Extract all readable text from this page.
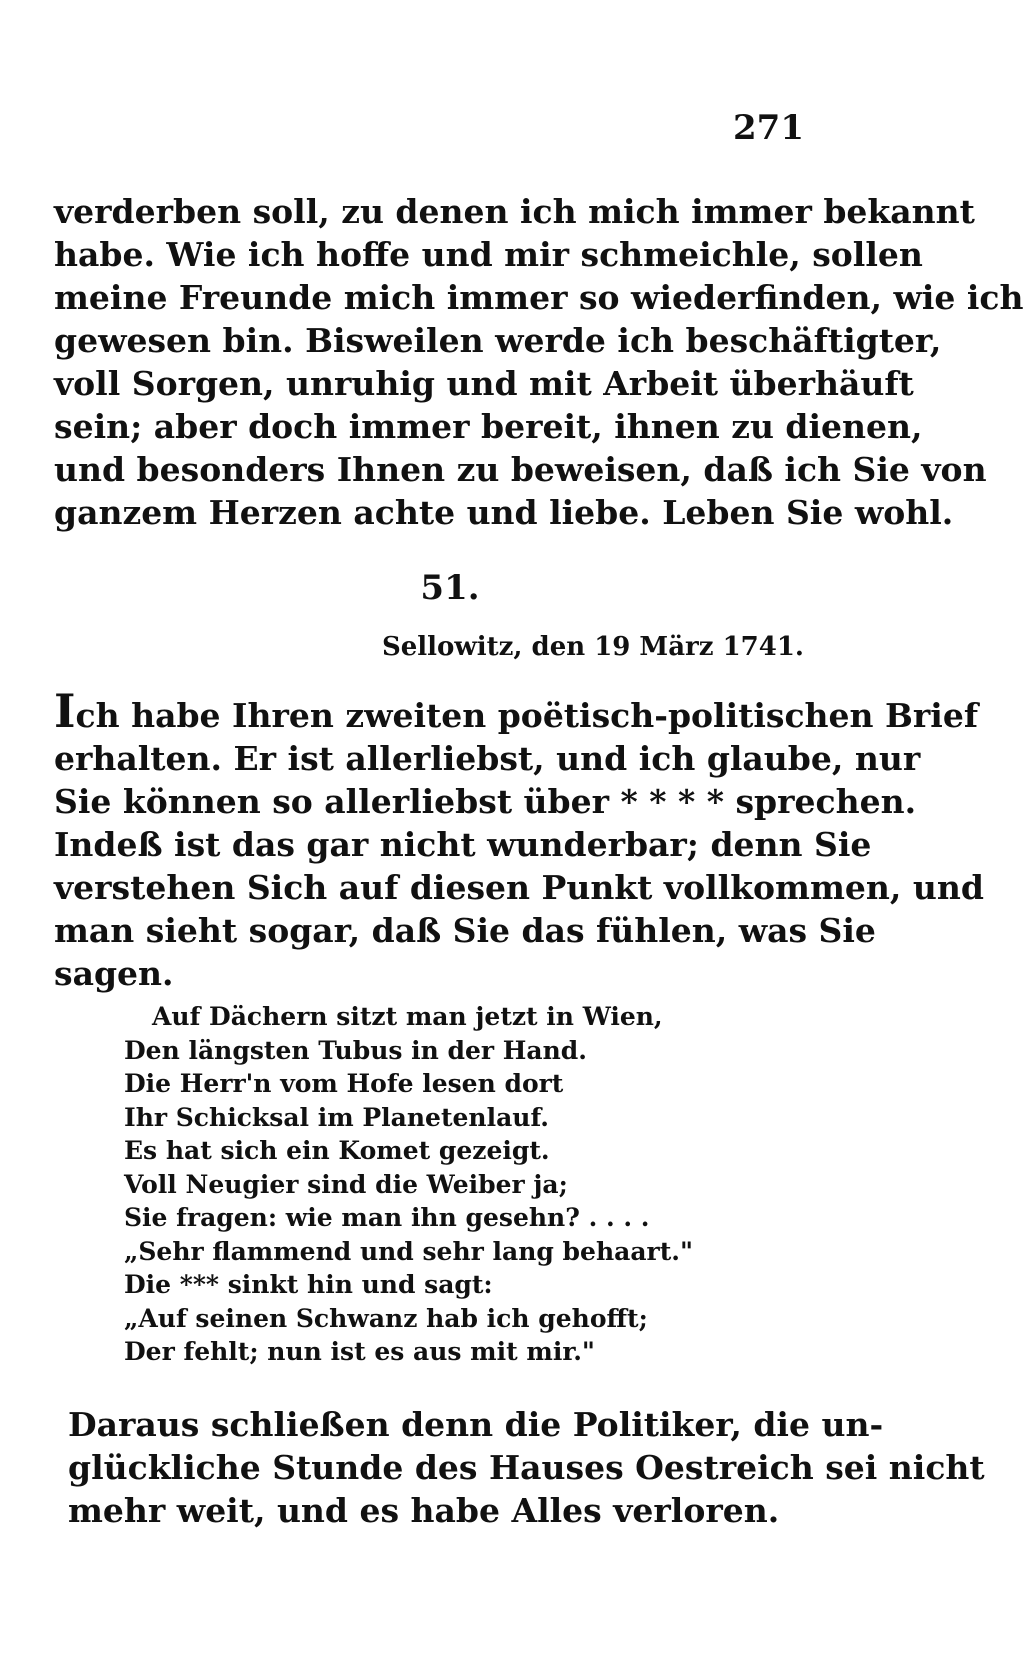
271
verderben soll, zu denen ich mich immer bekannt
habe. Wie ich hoffe und mir schmeichle, sollen
meine Freunde mich immer so wiederfinden, wie ich
gewesen bin. Bisweilen werde ich beschäftigter,
voll Sorgen, unruhig und mit Arbeit überhäuft
sein; aber doch immer bereit, ihnen zu dienen,
und besonders Ihnen zu beweisen, daß ich Sie von
ganzem Herzen achte und liebe. Leben Sie wohl.
51.
Sellowitz, den 19 März 1741.
Ich habe Ihren zweiten poëtisch-politischen Brief
erhalten. Er ist allerliebst, und ich glaube, nur
Sie können so allerliebst über * * * * sprechen.
Indeß ist das gar nicht wunderbar; denn Sie
verstehen Sich auf diesen Punkt vollkommen, und
man sieht sogar, daß Sie das fühlen, was Sie
sagen.
Auf Dächern sitzt man jetzt in Wien,
Den längsten Tubus in der Hand.
Die Herr'n vom Hofe lesen dort
Ihr Schicksal im Planetenlauf.
Es hat sich ein Komet gezeigt.
Voll Neugier sind die Weiber ja;
Sie fragen: wie man ihn gesehn? . . . .
„Sehr flammend und sehr lang behaart."
Die *** sinkt hin und sagt:
„Auf seinen Schwanz hab ich gehofft;
Der fehlt; nun ist es aus mit mir."
Daraus schließen denn die Politiker, die un-
glückliche Stunde des Hauses Oestreich sei nicht
mehr weit, und es habe Alles verloren.
